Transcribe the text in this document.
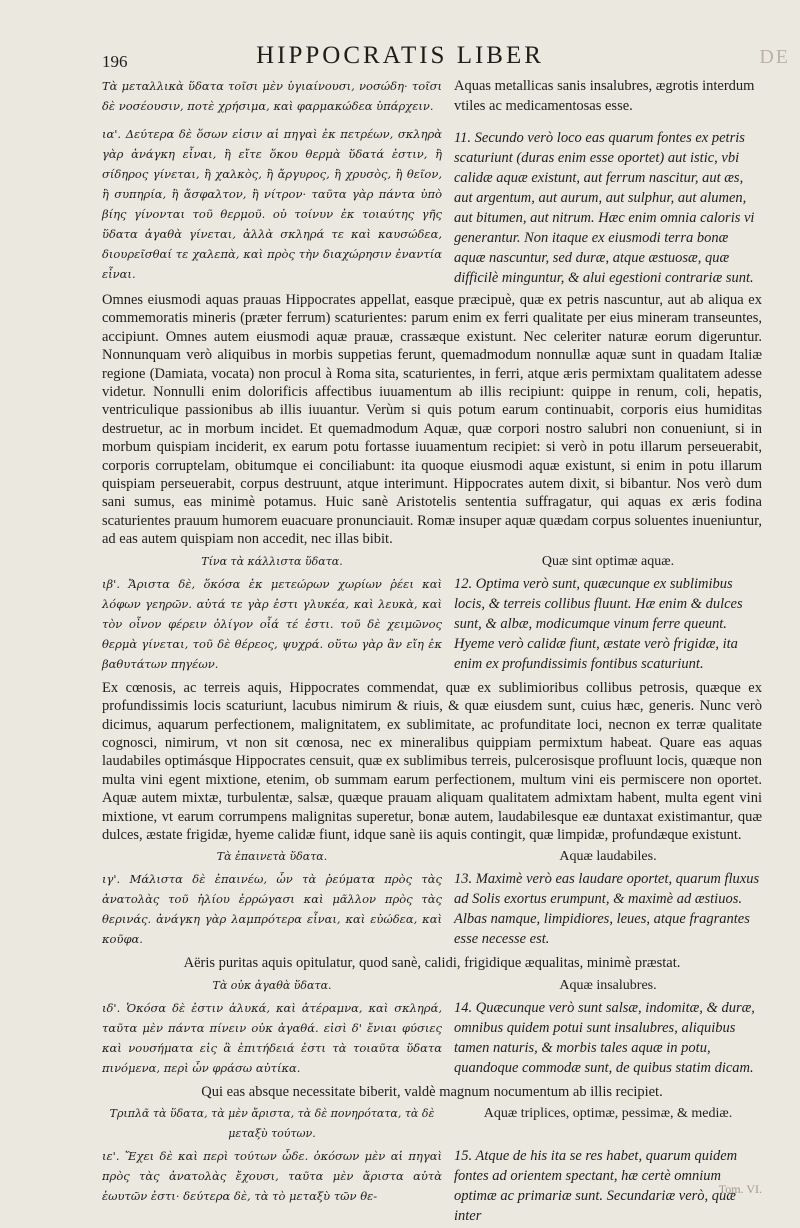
196	HIPPOCRATIS LIBER	DE

Τὰ μεταλλικὰ ὕδατα τοῖσι μὲν ὑγιαίνουσι, νοσώδη· τοῖσι δὲ νοσέουσιν, ποτὲ χρήσιμα, καὶ φαρμακώδεα ὑπάρχειν.

ια'. Δεύτερα δὲ ὅσων εἰσιν αἱ πηγαὶ ἐκ πετρέων, σκληρὰ γὰρ ἀνάγκη εἶναι, ἢ εἴτε ὅκου θερμὰ ὕδατά ἐστιν, ἢ σίδηρος γίνεται, ἢ χαλκὸς, ἢ ἄργυρος, ἢ χρυσὸς, ἢ θεῖον, ἢ συπηρία, ἢ ἄσφαλτον, ἢ νίτρον· ταῦτα γὰρ πάντα ὑπὸ βίης γίνονται τοῦ θερμοῦ. οὐ τοίνυν ἐκ τοιαύτης γῆς ὕδατα ἀγαθὰ γίνεται, ἀλλὰ σκληρά τε καὶ καυσώδεα, διουρεῖσθαί τε χαλεπὰ, καὶ πρὸς τὴν διαχώρησιν ἐναντία εἶναι.

Aquas metallicas sanis insalubres, ægrotis interdum vtiles ac medicamentosas esse.

11. Secundo verò loco eas quarum fontes ex petris scaturiunt (duras enim esse oportet) aut istic, vbi calidæ aquæ existunt, aut ferrum nascitur, aut æs, aut argentum, aut aurum, aut sulphur, aut alumen, aut bitumen, aut nitrum. Hæc enim omnia caloris vi generantur. Non itaque ex eiusmodi terra bonæ aquæ nascuntur, sed duræ, atque æstuosæ, quæ difficilè minguntur, & alui egestioni contrariæ sunt.

Omnes eiusmodi aquas prauas Hippocrates appellat, easque præcipuè, quæ ex petris nascuntur, aut ab aliqua ex commemoratis mineris (præter ferrum) scaturientes: parum enim ex ferri qualitate per eius mineram transeuntes, accipiunt. Omnes autem eiusmodi aquæ prauæ, crassæque existunt. Nec celeriter naturæ eorum digeruntur. Nonnunquam verò aliquibus in morbis suppetias ferunt, quemadmodum nonnullæ aquæ sunt in quadam Italiæ regione (Damiata, vocata) non procul à Roma sita, scaturientes, in ferri, atque æris permixtam qualitatem adesse videtur. Nonnulli enim dolorificis affectibus iuuamentum ab illis recipiunt: quippe in renum, coli, hepatis, ventriculique passionibus ab illis iuuantur. Verùm si quis potum earum continuabit, corporis eius humiditas destruetur, ac in morbum incidet. Et quemadmodum Aquæ, quæ corpori nostro salubri non conueniunt, si in morbum quispiam inciderit, ex earum potu fortasse iuuamentum recipiet: si verò in potu illarum perseuerabit, corporis corruptelam, obitumque ei conciliabunt: ita quoque eiusmodi aquæ existunt, si enim in potu illarum quispiam perseuerabit, corpus destruunt, atque interimunt. Hippocrates autem dixit, si bibantur. Nos verò dum sani sumus, eas minimè potamus. Huic sanè Aristotelis sententia suffragatur, qui aquas ex æris fodina scaturientes prauum humorem euacuare pronunciauit. Romæ insuper aquæ quædam corpus soluentes inueniuntur, ad eas autem quispiam non accedit, nec illas bibit.

Τίνα τὰ κάλλιστα ὕδατα.	Quæ sint optimæ aquæ.

ιβ'. Ἄριστα δὲ, ὅκόσα ἐκ μετεώρων χωρίων ῥέει καὶ λόφων γεηρῶν. αὐτά τε γὰρ ἐστι γλυκέα, καὶ λευκὰ, καὶ τὸν οἶνον φέρειν ὀλίγον οἷά τέ ἐστι. τοῦ δὲ χειμῶνος θερμὰ γίνεται, τοῦ δὲ θέρεος, ψυχρά. οὕτω γὰρ ἂν εἴη ἐκ βαθυτάτων πηγέων.

12. Optima verò sunt, quæcunque ex sublimibus locis, & terreis collibus fluunt. Hæ enim & dulces sunt, & albæ, modicumque vinum ferre queunt. Hyeme verò calidæ fiunt, æstate verò frigidæ, ita enim ex profundissimis fontibus scaturiunt.

Ex cœnosis, ac terreis aquis, Hippocrates commendat, quæ ex sublimioribus collibus petrosis, quæque ex profundissimis locis scaturiunt, lacubus nimirum & riuis, & quæ eiusdem sunt, cuius hæc, generis. Nunc verò dicimus, aquarum perfectionem, malignitatem, ex sublimitate, ac profunditate loci, necnon ex terræ qualitate cognosci, nimirum, vt non sit cœnosa, nec ex mineralibus quippiam permixtum habeat. Quare eas aquas laudabiles optimásque Hippocrates censuit, quæ ex sublimibus terreis, pulcerosisque profluunt locis, quæque non multa vini egent mixtione, etenim, ob summam earum perfectionem, multum vini eis permiscere non oportet. Aquæ autem mixtæ, turbulentæ, salsæ, quæque prauam aliquam qualitatem admixtam habent, multa egent vini mixtione, vt earum corrumpens malignitas superetur, bonæ autem, laudabilesque eæ duntaxat existimantur, quæ dulces, æstate frigidæ, hyeme calidæ fiunt, idque sanè iis aquis contingit, quæ limpidæ, profundæque existunt.

Τὰ ἐπαινετὰ ὕδατα.	Aquæ laudabiles.

ιγ'. Μάλιστα δὲ ἐπαινέω, ὧν τὰ ῥεύματα πρὸς τὰς ἀνατολὰς τοῦ ἡλίου ἐρρώγασι καὶ μᾶλλον πρὸς τὰς θερινάς. ἀνάγκη γὰρ λαμπρότερα εἶναι, καὶ εὐώδεα, καὶ κοῦφα.

13. Maximè verò eas laudare oportet, quarum fluxus ad Solis exortus erumpunt, & maximè ad æstiuos. Albas namque, limpidiores, leues, atque fragrantes esse necesse est.

Aëris puritas aquis opitulatur, quod sanè, calidi, frigidique æqualitas, minimè præstat.

Τὰ οὐκ ἀγαθὰ ὕδατα.	Aquæ insalubres.

ιδ'. Ὁκόσα δὲ ἐστιν ἁλυκά, καὶ ἀτέραμνα, καὶ σκληρά, ταῦτα μὲν πάντα πίνειν οὐκ ἀγαθά. εἰσὶ δ' ἔνιαι φύσιες καὶ νουσήματα εἰς ἃ ἐπιτήδειά ἐστι τὰ τοιαῦτα ὕδατα πινόμενα, περὶ ὧν φράσω αὐτίκα.

14. Quæcunque verò sunt salsæ, indomitæ, & duræ, omnibus quidem potui sunt insalubres, aliquibus tamen naturis, & morbis tales aquæ in potu, quandoque commodæ sunt, de quibus statim dicam.

Qui eas absque necessitate biberit, valdè magnum nocumentum ab illis recipiet.

Τριπλᾶ τὰ ὕδατα, τὰ μὲν ἄριστα, τὰ δὲ πονηρότατα, τὰ δὲ μεταξὺ τούτων.
Aquæ triplices, optimæ, pessimæ, & mediæ.

ιε'. Ἔχει δὲ καὶ περὶ τούτων ὧδε. ὁκόσων μὲν αἱ πηγαὶ πρὸς τὰς ἀνατολὰς ἔχουσι, ταῦτα μὲν ἄριστα αὐτὰ ἑωυτῶν ἐστι· δεύτερα δὲ, τὰ τὸ μεταξὺ τῶν θε-

15. Atque de his ita se res habet, quarum quidem fontes ad orientem spectant, hæ certè omnium optimæ ac primariæ sunt. Secundariæ verò, quæ inter

Tom. VI.
